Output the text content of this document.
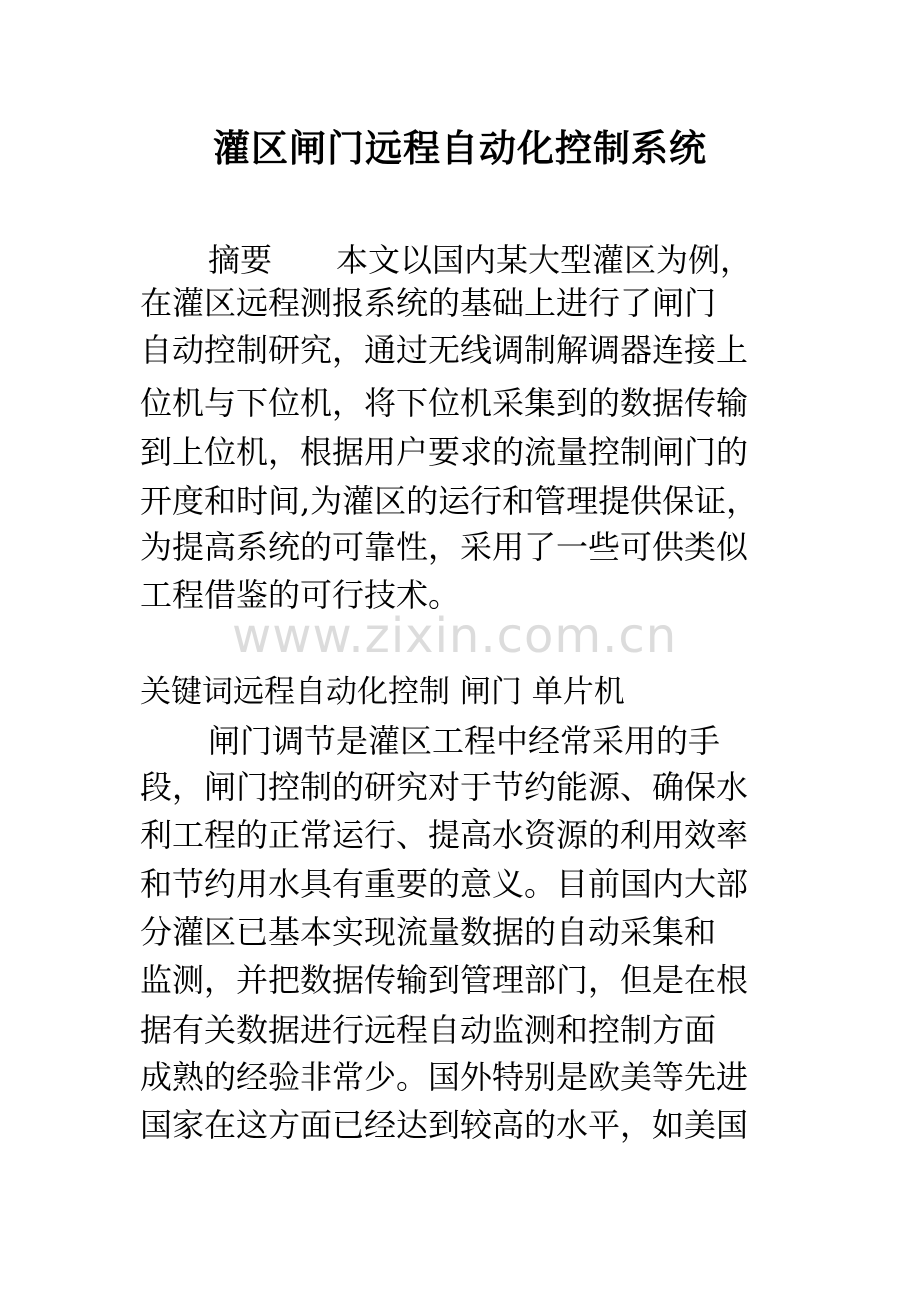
灌区闸门远程自动化控制系统
www.zixin.com.cn

摘要　　本文以国内某大型灌区为例，

在灌区远程测报系统的基础上进行了闸门

自动控制研究，通过无线调制解调器连接上

位机与下位机，将下位机采集到的数据传输

到上位机，根据用户要求的流量控制闸门的

开度和时间,为灌区的运行和管理提供保证，

为提高系统的可靠性，采用了一些可供类似

工程借鉴的可行技术。

关键词远程自动化控制 闸门 单片机

闸门调节是灌区工程中经常采用的手

段，闸门控制的研究对于节约能源、确保水

利工程的正常运行、提高水资源的利用效率

和节约用水具有重要的意义。目前国内大部

分灌区已基本实现流量数据的自动采集和

监测，并把数据传输到管理部门，但是在根

据有关数据进行远程自动监测和控制方面

成熟的经验非常少。国外特别是欧美等先进

国家在这方面已经达到较高的水平，如美国
